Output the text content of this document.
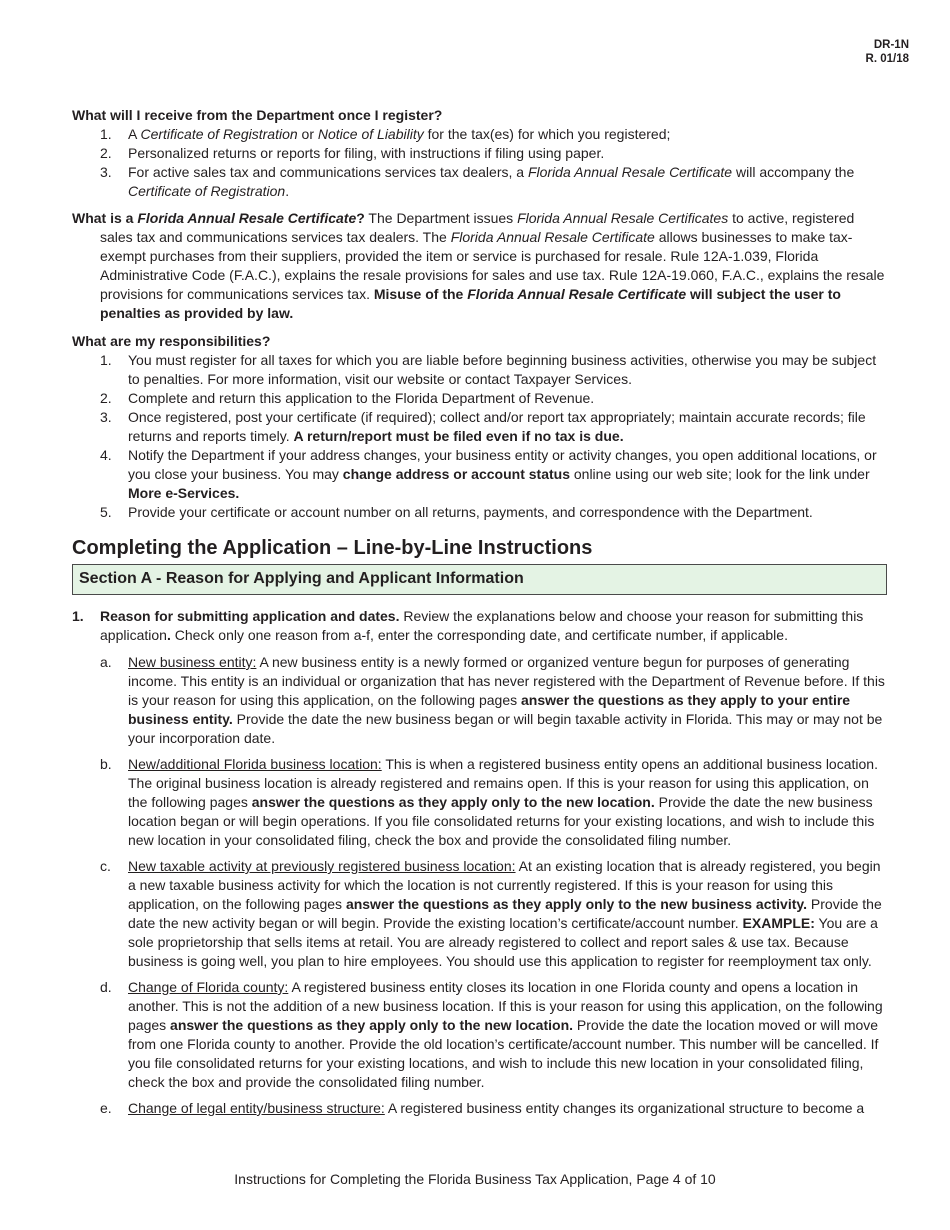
DR-1N
R. 01/18

What will I receive from the Department once I register?

1. A Certificate of Registration or Notice of Liability for the tax(es) for which you registered;
2. Personalized returns or reports for filing, with instructions if filing using paper.
3. For active sales tax and communications services tax dealers, a Florida Annual Resale Certificate will accompany the Certificate of Registration.

What is a Florida Annual Resale Certificate? The Department issues Florida Annual Resale Certificates to active, registered sales tax and communications services tax dealers. The Florida Annual Resale Certificate allows businesses to make tax-exempt purchases from their suppliers, provided the item or service is purchased for resale. Rule 12A-1.039, Florida Administrative Code (F.A.C.), explains the resale provisions for sales and use tax. Rule 12A-19.060, F.A.C., explains the resale provisions for communications services tax. Misuse of the Florida Annual Resale Certificate will subject the user to penalties as provided by law.

What are my responsibilities?

1. You must register for all taxes for which you are liable before beginning business activities, otherwise you may be subject to penalties. For more information, visit our website or contact Taxpayer Services.
2. Complete and return this application to the Florida Department of Revenue.
3. Once registered, post your certificate (if required); collect and/or report tax appropriately; maintain accurate records; file returns and reports timely. A return/report must be filed even if no tax is due.
4. Notify the Department if your address changes, your business entity or activity changes, you open additional locations, or you close your business. You may change address or account status online using our web site; look for the link under More e-Services.
5. Provide your certificate or account number on all returns, payments, and correspondence with the Department.
Completing the Application – Line-by-Line Instructions
Section A - Reason for Applying and Applicant Information
1. Reason for submitting application and dates. Review the explanations below and choose your reason for submitting this application. Check only one reason from a-f, enter the corresponding date, and certificate number, if applicable.
a. New business entity: A new business entity is a newly formed or organized venture begun for purposes of generating income. This entity is an individual or organization that has never registered with the Department of Revenue before. If this is your reason for using this application, on the following pages answer the questions as they apply to your entire business entity. Provide the date the new business began or will begin taxable activity in Florida. This may or may not be your incorporation date.
b. New/additional Florida business location: This is when a registered business entity opens an additional business location. The original business location is already registered and remains open. If this is your reason for using this application, on the following pages answer the questions as they apply only to the new location. Provide the date the new business location began or will begin operations. If you file consolidated returns for your existing locations, and wish to include this new location in your consolidated filing, check the box and provide the consolidated filing number.
c. New taxable activity at previously registered business location: At an existing location that is already registered, you begin a new taxable business activity for which the location is not currently registered. If this is your reason for using this application, on the following pages answer the questions as they apply only to the new business activity. Provide the date the new activity began or will begin. Provide the existing location’s certificate/account number. EXAMPLE: You are a sole proprietorship that sells items at retail. You are already registered to collect and report sales & use tax. Because business is going well, you plan to hire employees. You should use this application to register for reemployment tax only.
d. Change of Florida county: A registered business entity closes its location in one Florida county and opens a location in another. This is not the addition of a new business location. If this is your reason for using this application, on the following pages answer the questions as they apply only to the new location. Provide the date the location moved or will move from one Florida county to another. Provide the old location’s certificate/account number. This number will be cancelled. If you file consolidated returns for your existing locations, and wish to include this new location in your consolidated filing, check the box and provide the consolidated filing number.
e. Change of legal entity/business structure: A registered business entity changes its organizational structure to become a
Instructions for Completing the Florida Business Tax Application, Page 4 of 10
